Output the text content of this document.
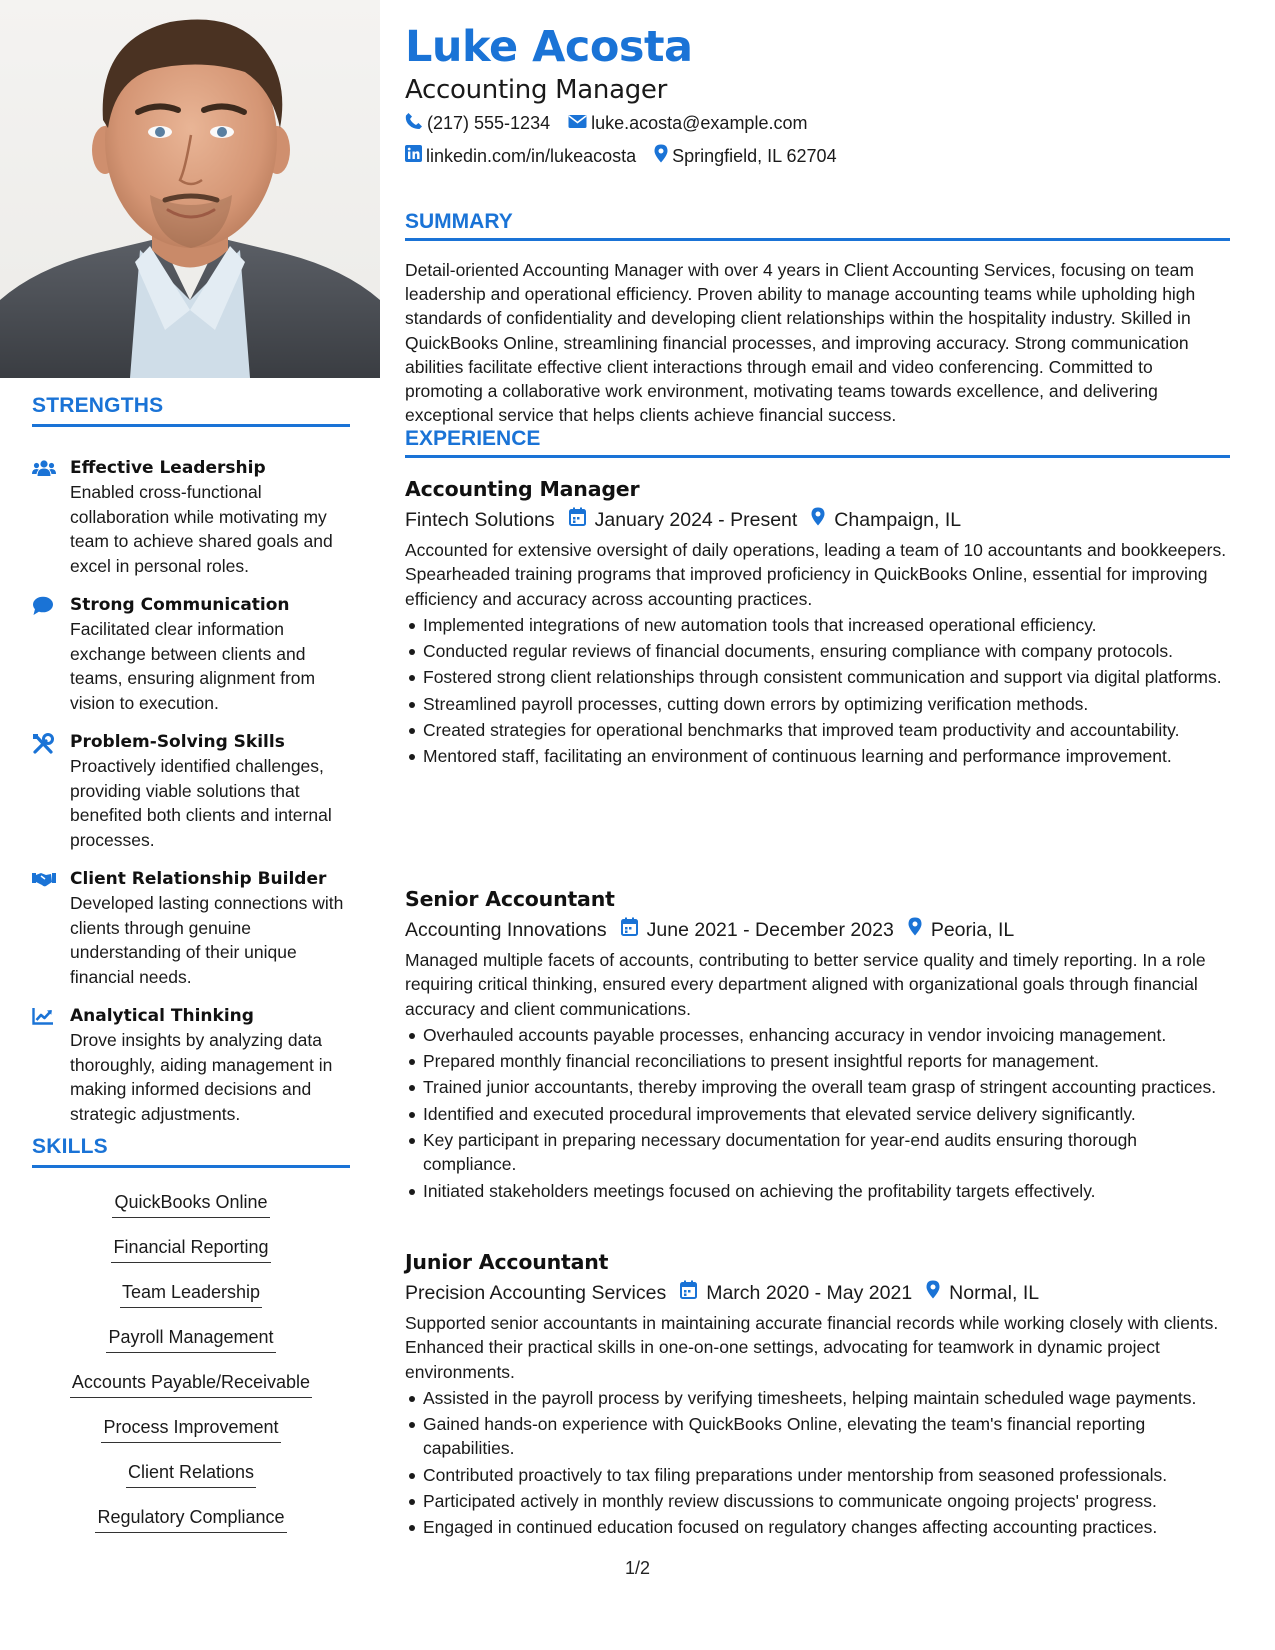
STRENGTHS
Effective Leadership
Enabled cross-functional collaboration while motivating my team to achieve shared goals and excel in personal roles.
Strong Communication
Facilitated clear information exchange between clients and teams, ensuring alignment from vision to execution.
Problem-Solving Skills
Proactively identified challenges, providing viable solutions that benefited both clients and internal processes.
Client Relationship Builder
Developed lasting connections with clients through genuine understanding of their unique financial needs.
Analytical Thinking
Drove insights by analyzing data thoroughly, aiding management in making informed decisions and strategic adjustments.
SKILLS
QuickBooks Online
Financial Reporting
Team Leadership
Payroll Management
Accounts Payable/Receivable
Process Improvement
Client Relations
Regulatory Compliance
Luke Acosta
Accounting Manager
(217) 555-1234 luke.acosta@example.com
linkedin.com/in/lukeacosta Springfield, IL 62704
SUMMARY
Detail-oriented Accounting Manager with over 4 years in Client Accounting Services, focusing on team leadership and operational efficiency. Proven ability to manage accounting teams while upholding high standards of confidentiality and developing client relationships within the hospitality industry. Skilled in QuickBooks Online, streamlining financial processes, and improving accuracy. Strong communication abilities facilitate effective client interactions through email and video conferencing. Committed to promoting a collaborative work environment, motivating teams towards excellence, and delivering exceptional service that helps clients achieve financial success.
EXPERIENCE
Accounting Manager
Fintech Solutions January 2024 - Present Champaign, IL
Accounted for extensive oversight of daily operations, leading a team of 10 accountants and bookkeepers. Spearheaded training programs that improved proficiency in QuickBooks Online, essential for improving efficiency and accuracy across accounting practices.
Implemented integrations of new automation tools that increased operational efficiency.
Conducted regular reviews of financial documents, ensuring compliance with company protocols.
Fostered strong client relationships through consistent communication and support via digital platforms.
Streamlined payroll processes, cutting down errors by optimizing verification methods.
Created strategies for operational benchmarks that improved team productivity and accountability.
Mentored staff, facilitating an environment of continuous learning and performance improvement.
Senior Accountant
Accounting Innovations June 2021 - December 2023 Peoria, IL
Managed multiple facets of accounts, contributing to better service quality and timely reporting. In a role requiring critical thinking, ensured every department aligned with organizational goals through financial accuracy and client communications.
Overhauled accounts payable processes, enhancing accuracy in vendor invoicing management.
Prepared monthly financial reconciliations to present insightful reports for management.
Trained junior accountants, thereby improving the overall team grasp of stringent accounting practices.
Identified and executed procedural improvements that elevated service delivery significantly.
Key participant in preparing necessary documentation for year-end audits ensuring thorough compliance.
Initiated stakeholders meetings focused on achieving the profitability targets effectively.
Junior Accountant
Precision Accounting Services March 2020 - May 2021 Normal, IL
Supported senior accountants in maintaining accurate financial records while working closely with clients. Enhanced their practical skills in one-on-one settings, advocating for teamwork in dynamic project environments.
Assisted in the payroll process by verifying timesheets, helping maintain scheduled wage payments.
Gained hands-on experience with QuickBooks Online, elevating the team's financial reporting capabilities.
Contributed proactively to tax filing preparations under mentorship from seasoned professionals.
Participated actively in monthly review discussions to communicate ongoing projects' progress.
Engaged in continued education focused on regulatory changes affecting accounting practices.
1/2
